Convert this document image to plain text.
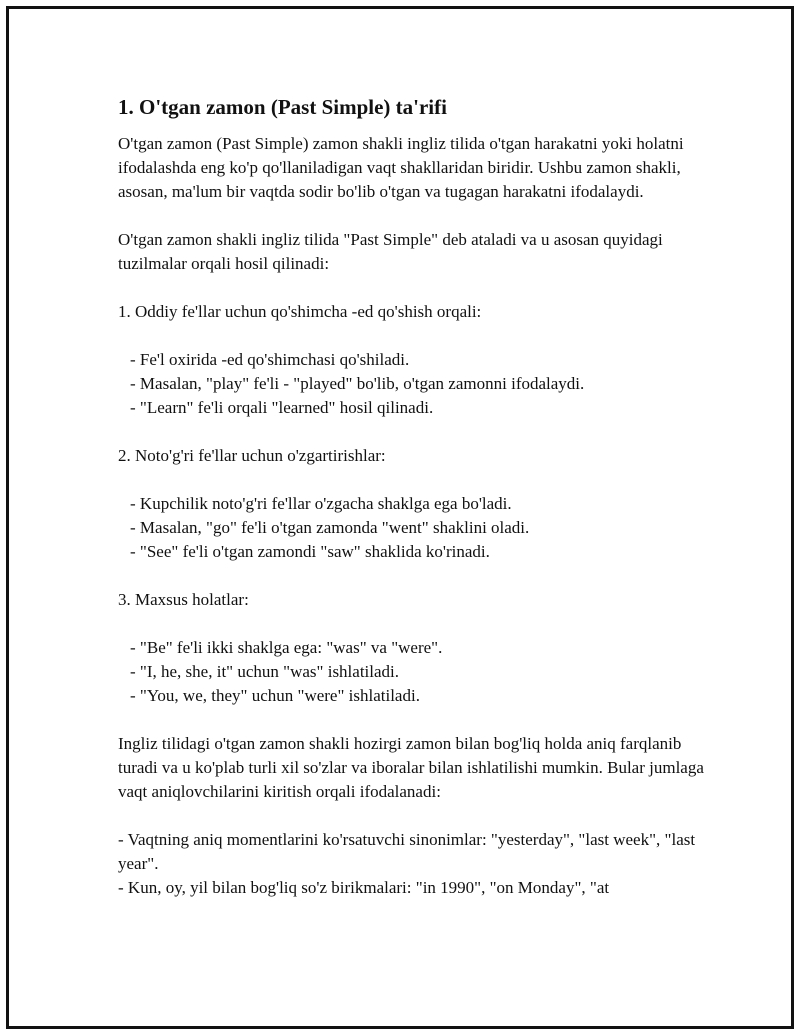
1. O'tgan zamon (Past Simple) ta'rifi

O'tgan zamon (Past Simple) zamon shakli ingliz tilida o'tgan harakatni yoki holatni ifodalashda eng ko'p qo'llaniladigan vaqt shakllaridan biridir. Ushbu zamon shakli, asosan, ma'lum bir vaqtda sodir bo'lib o'tgan va tugagan harakatni ifodalaydi.

O'tgan zamon shakli ingliz tilida "Past Simple" deb ataladi va u asosan quyidagi tuzilmalar orqali hosil qilinadi:

1. Oddiy fe'llar uchun qo'shimcha -ed qo'shish orqali:

- Fe'l oxirida -ed qo'shimchasi qo'shiladi.
- Masalan, "play" fe'li - "played" bo'lib, o'tgan zamonni ifodalaydi.
- "Learn" fe'li orqali "learned" hosil qilinadi.

2. Noto'g'ri fe'llar uchun o'zgartirishlar:

- Kupchilik noto'g'ri fe'llar o'zgacha shaklga ega bo'ladi.
- Masalan, "go" fe'li o'tgan zamonda "went" shaklini oladi.
- "See" fe'li o'tgan zamondi "saw" shaklida ko'rinadi.

3. Maxsus holatlar:

- "Be" fe'li ikki shaklga ega: "was" va "were".
- "I, he, she, it" uchun "was" ishlatiladi.
- "You, we, they" uchun "were" ishlatiladi.

Ingliz tilidagi o'tgan zamon shakli hozirgi zamon bilan bog'liq holda aniq farqlanib turadi va u ko'plab turli xil so'zlar va iboralar bilan ishlatilishi mumkin. Bular jumlaga vaqt aniqlovchilarini kiritish orqali ifodalanadi:

- Vaqtning aniq momentlarini ko'rsatuvchi sinonimlar: "yesterday", "last week", "last year".
- Kun, oy, yil bilan bog'liq so'z birikmalari: "in 1990", "on Monday", "at
